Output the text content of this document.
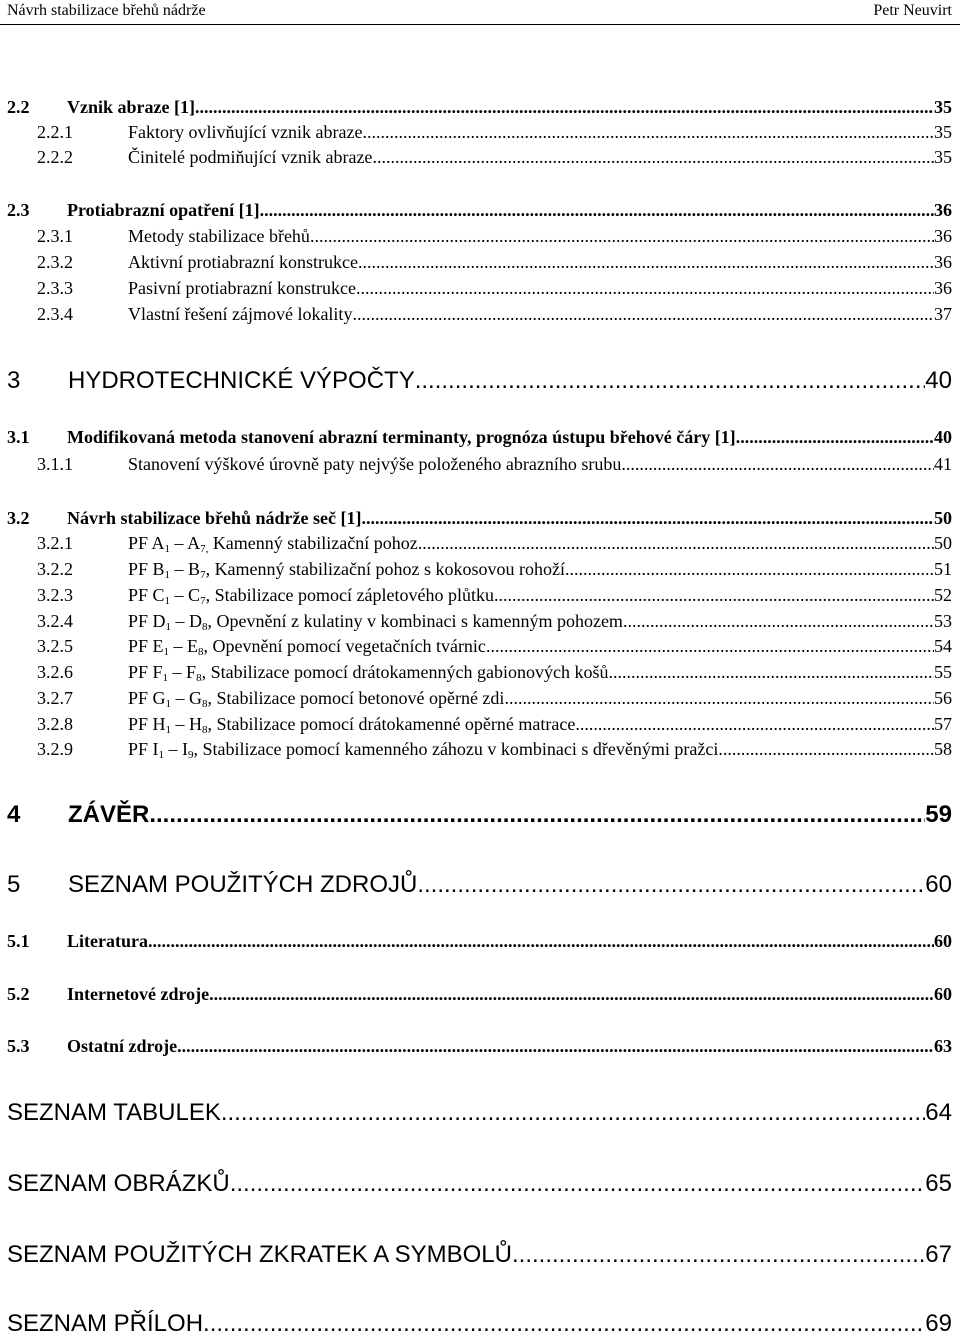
Návrh stabilizace břehů nádrže	Petr Neuvirt
2.2	Vznik abraze [1] .....	35
2.2.1	Faktory ovlivňující vznik abraze .....	35
2.2.2	Činitelé podmiňující vznik abraze .....	35
2.3	Protiabrazní opatření [1] .....	36
2.3.1	Metody stabilizace břehů .....	36
2.3.2	Aktivní protiabrazní konstrukce .....	36
2.3.3	Pasivní protiabrazní konstrukce .....	36
2.3.4	Vlastní řešení zájmové lokality .....	37
3	HYDROTECHNICKÉ VÝPOČTY .....	40
3.1	Modifikovaná metoda stanovení abrazní terminanty, prognóza ústupu břehové čáry [1] .....	40
3.1.1	Stanovení výškové úrovně paty nejvýše položeného abrazního srubu .....	41
3.2	Návrh stabilizace břehů nádrže seč [1] .....	50
3.2.1	PF $A_1 - A_{7,}$ Kamenný stabilizační pohoz .....	50
3.2.2	PF $B_1 - B_7$, Kamenný stabilizační pohoz s kokosovou rohoží .....	51
3.2.3	PF $C_1 - C_7$, Stabilizace pomocí zápletového plůtku .....	52
3.2.4	PF $D_1 - D_8$, Opevnění z kulatiny v kombinaci s kamenným pohozem .....	53
3.2.5	PF $E_1 - E_8$, Opevnění pomocí vegetačních tvárnic .....	54
3.2.6	PF $F_1 - F_8$, Stabilizace pomocí drátokamenných gabionových košů .....	55
3.2.7	PF $G_1 - G_8$, Stabilizace pomocí betonové opěrné zdi .....	56
3.2.8	PF $H_1 - H_8$, Stabilizace pomocí drátokamenné opěrné matrace .....	57
3.2.9	PF $I_1 - I_9$, Stabilizace pomocí kamenného záhozu v kombinaci s dřevěnými pražci .....	58
4	ZÁVĚR .....	59
5	SEZNAM POUŽITÝCH ZDROJŮ .....	60
5.1	Literatura .....	60
5.2	Internetové zdroje .....	60
5.3	Ostatní zdroje .....	63
SEZNAM TABULEK .....	64
SEZNAM OBRÁZKŮ .....	65
SEZNAM POUŽITÝCH ZKRATEK A SYMBOLŮ .....	67
SEZNAM PŘÍLOH .....	69
